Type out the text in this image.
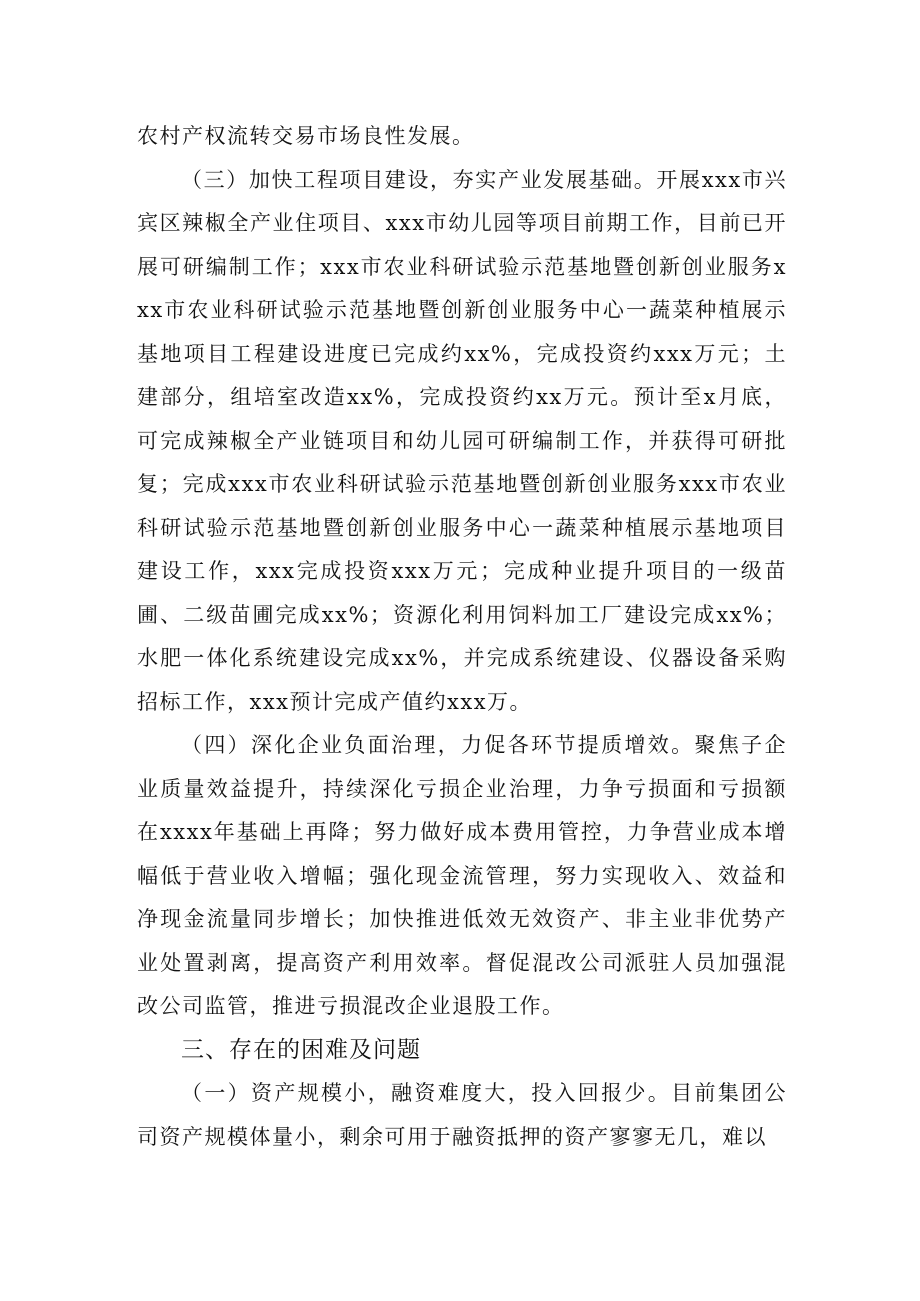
农村产权流转交易市场良性发展。

（三）加快工程项目建设，夯实产业发展基础。开展xxx市兴宾区辣椒全产业住项目、xxx市幼儿园等项目前期工作，目前已开展可研编制工作；xxx市农业科研试验示范基地暨创新创业服务xxx市农业科研试验示范基地暨创新创业服务中心一蔬菜种植展示基地项目工程建设进度已完成约xx%，完成投资约xxx万元；土建部分，组培室改造xx%，完成投资约xx万元。预计至x月底，可完成辣椒全产业链项目和幼儿园可研编制工作，并获得可研批复；完成xxx市农业科研试验示范基地暨创新创业服务xxx市农业科研试验示范基地暨创新创业服务中心一蔬菜种植展示基地项目建设工作，xxx完成投资xxx万元；完成种业提升项目的一级苗圃、二级苗圃完成xx%；资源化利用饲料加工厂建设完成xx%；水肥一体化系统建设完成xx%，并完成系统建设、仪器设备采购招标工作，xxx预计完成产值约xxx万。

（四）深化企业负面治理，力促各环节提质增效。聚焦子企业质量效益提升，持续深化亏损企业治理，力争亏损面和亏损额在xxxx年基础上再降；努力做好成本费用管控，力争营业成本增幅低于营业收入增幅；强化现金流管理，努力实现收入、效益和净现金流量同步增长；加快推进低效无效资产、非主业非优势产业处置剥离，提高资产利用效率。督促混改公司派驻人员加强混改公司监管，推进亏损混改企业退股工作。

三、存在的困难及问题

（一）资产规模小，融资难度大，投入回报少。目前集团公司资产规模体量小，剩余可用于融资抵押的资产寥寥无几，难以
